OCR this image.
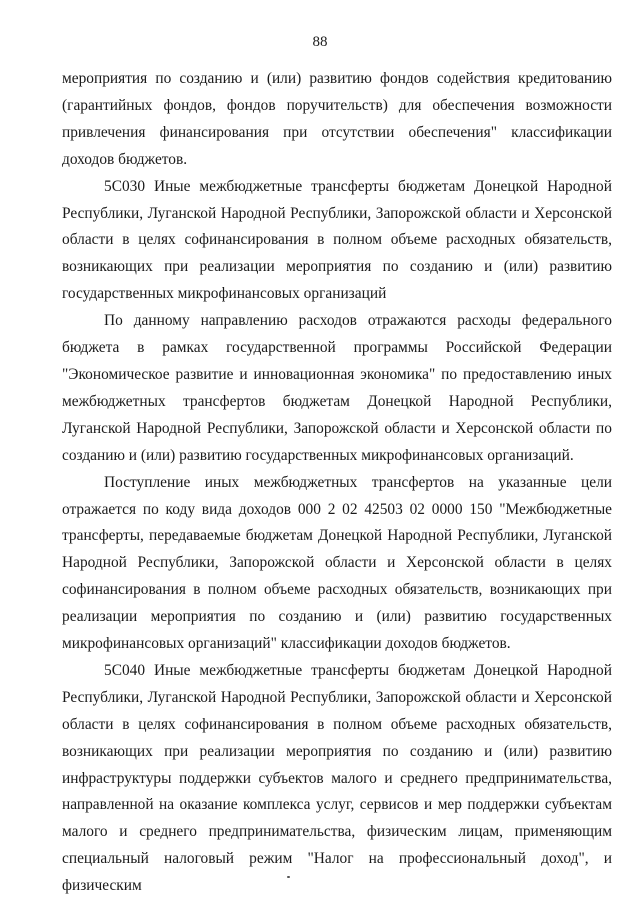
88

мероприятия по созданию и (или) развитию фондов содействия кредитованию (гарантийных фондов, фондов поручительств) для обеспечения возможности привлечения финансирования при отсутствии обеспечения" классификации доходов бюджетов.

5С030 Иные межбюджетные трансферты бюджетам Донецкой Народной Республики, Луганской Народной Республики, Запорожской области и Херсонской области в целях софинансирования в полном объеме расходных обязательств, возникающих при реализации мероприятия по созданию и (или) развитию государственных микрофинансовых организаций

По данному направлению расходов отражаются расходы федерального бюджета в рамках государственной программы Российской Федерации "Экономическое развитие и инновационная экономика" по предоставлению иных межбюджетных трансфертов бюджетам Донецкой Народной Республики, Луганской Народной Республики, Запорожской области и Херсонской области по созданию и (или) развитию государственных микрофинансовых организаций.

Поступление иных межбюджетных трансфертов на указанные цели отражается по коду вида доходов 000 2 02 42503 02 0000 150 "Межбюджетные трансферты, передаваемые бюджетам Донецкой Народной Республики, Луганской Народной Республики, Запорожской области и Херсонской области в целях софинансирования в полном объеме расходных обязательств, возникающих при реализации мероприятия по созданию и (или) развитию государственных микрофинансовых организаций" классификации доходов бюджетов.

5С040 Иные межбюджетные трансферты бюджетам Донецкой Народной Республики, Луганской Народной Республики, Запорожской области и Херсонской области в целях софинансирования в полном объеме расходных обязательств, возникающих при реализации мероприятия по созданию и (или) развитию инфраструктуры поддержки субъектов малого и среднего предпринимательства, направленной на оказание комплекса услуг, сервисов и мер поддержки субъектам малого и среднего предпринимательства, физическим лицам, применяющим специальный налоговый режим "Налог на профессиональный доход", и физическим
